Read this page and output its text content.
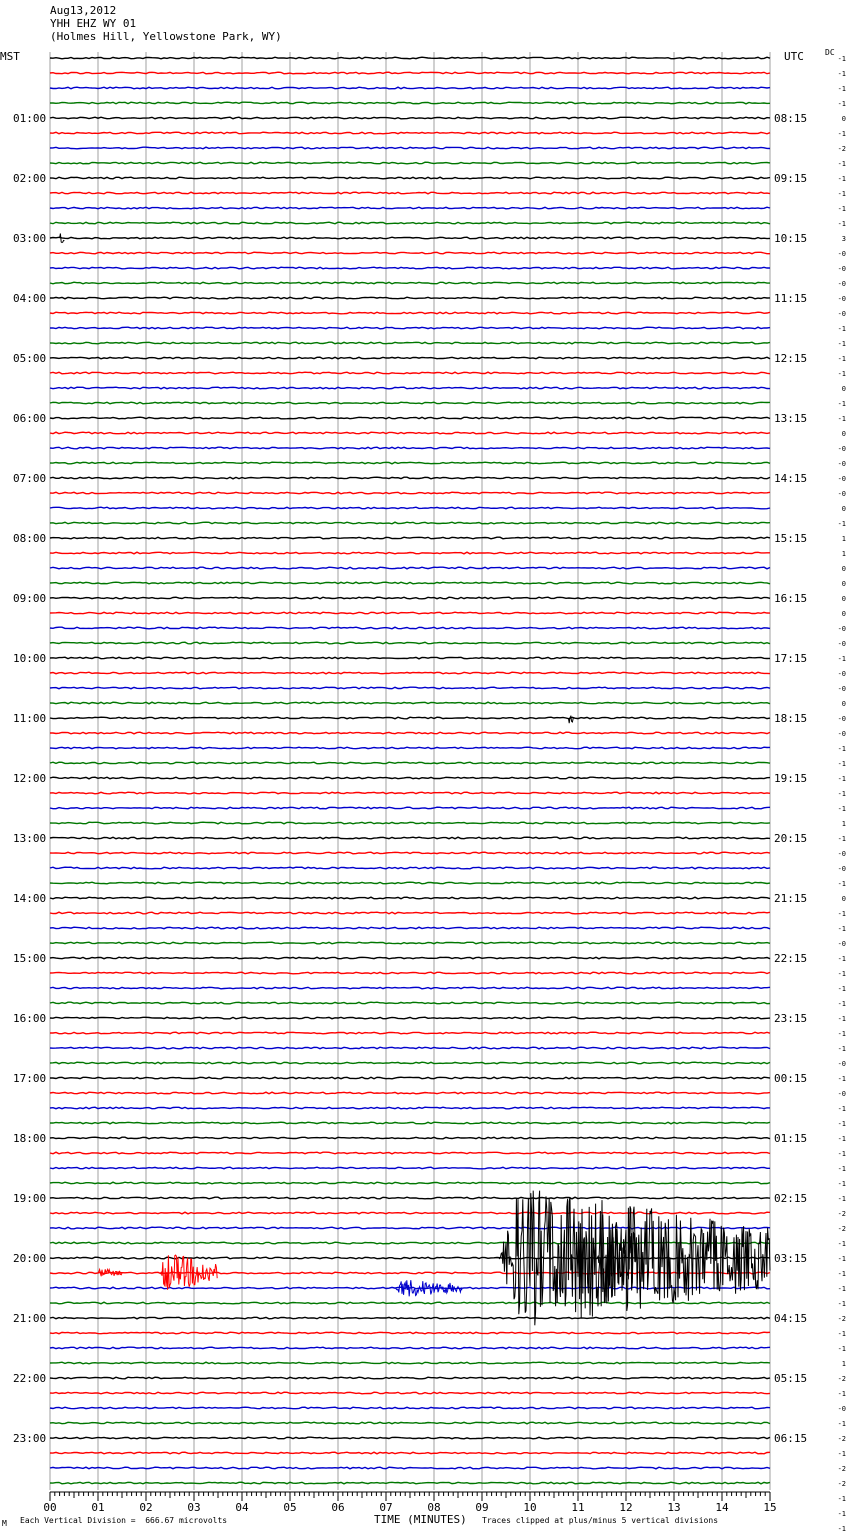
Aug13,2012
YHH EHZ WY 01
(Holmes Hill, Yellowstone Park, WY)
MST	UTC	DC
01:00
02:00
03:00
04:00
05:00
06:00
07:00
08:00
09:00
10:00
11:00
12:00
13:00
14:00
15:00
16:00
17:00
18:00
19:00
20:00
21:00
22:00
23:00
08:15
09:15
10:15
11:15
12:15
13:15
14:15
15:15
16:15
17:15
18:15
19:15
20:15
21:15
22:15
23:15
00:15
01:15
02:15
03:15
04:15
05:15
06:15
-1
-1
-1
-1
0
-1
-2
-1
-1
-1
-1
-1
3
-0
-0
-0
-0
-0
-1
-1
-1
-1
0
-1
-1
0
-0
-0
-0
-0
0
-1
1
1
0
0
0
0
-0
-0
-1
-0
-0
0
-0
-0
-1
-1
-1
-1
-1
1
-1
-0
-0
-1
0
-1
-1
-0
-1
-1
-1
-1
-1
-1
-1
-0
-1
-0
-1
-1
-1
-1
-1
-1
-1
-2
-2
-1
-1
-1
-1
-1
-2
-1
-1
1
-2
-1
-0
-1
-2
-1
-2
-2
-1
-1
-1
00	01	02	03	04	05	06	07	08	09	10	11	12	13	14	15
M Each Vertical Division =  666.67 microvolts	TIME (MINUTES) Traces clipped at plus/minus 5 vertical divisions
